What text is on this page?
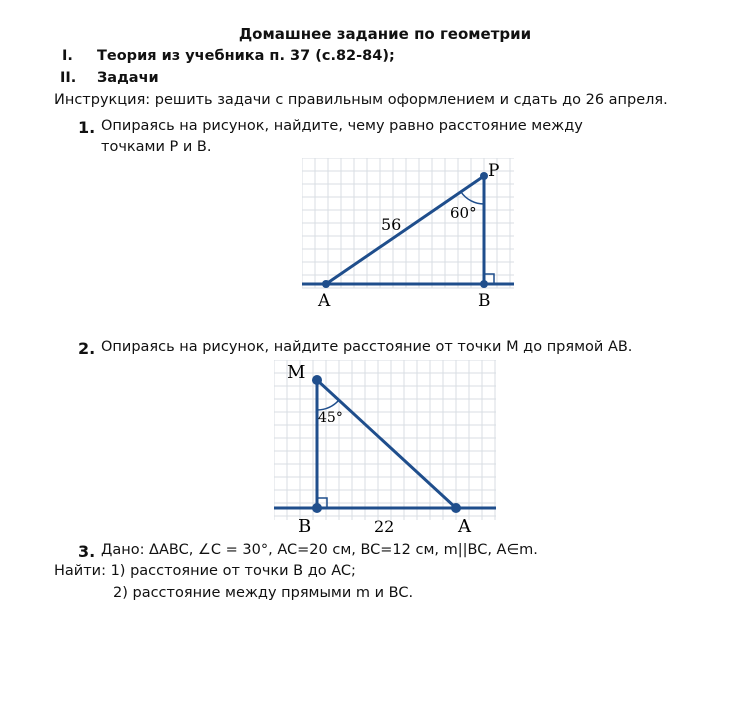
Домашнее задание по геометрии
I. Теория из учебника п. 37 (с.82-84);
II. Задачи
Инструкция: решить задачи с правильным оформлением и сдать до 26 апреля.
1. Опираясь на рисунок, найдите, чему равно расстояние между
точками P и B.
P
A	B
56
60°
2. Опираясь на рисунок, найдите расстояние от точки M до прямой AB.
M
B	A
22
45°
3. Дано: ΔABC, ∠C = 30°, AC=20 см, BC=12 см, m||BC, A∈m.
Найти: 1) расстояние от точки B до AC;
2) расстояние между прямыми m и BC.
